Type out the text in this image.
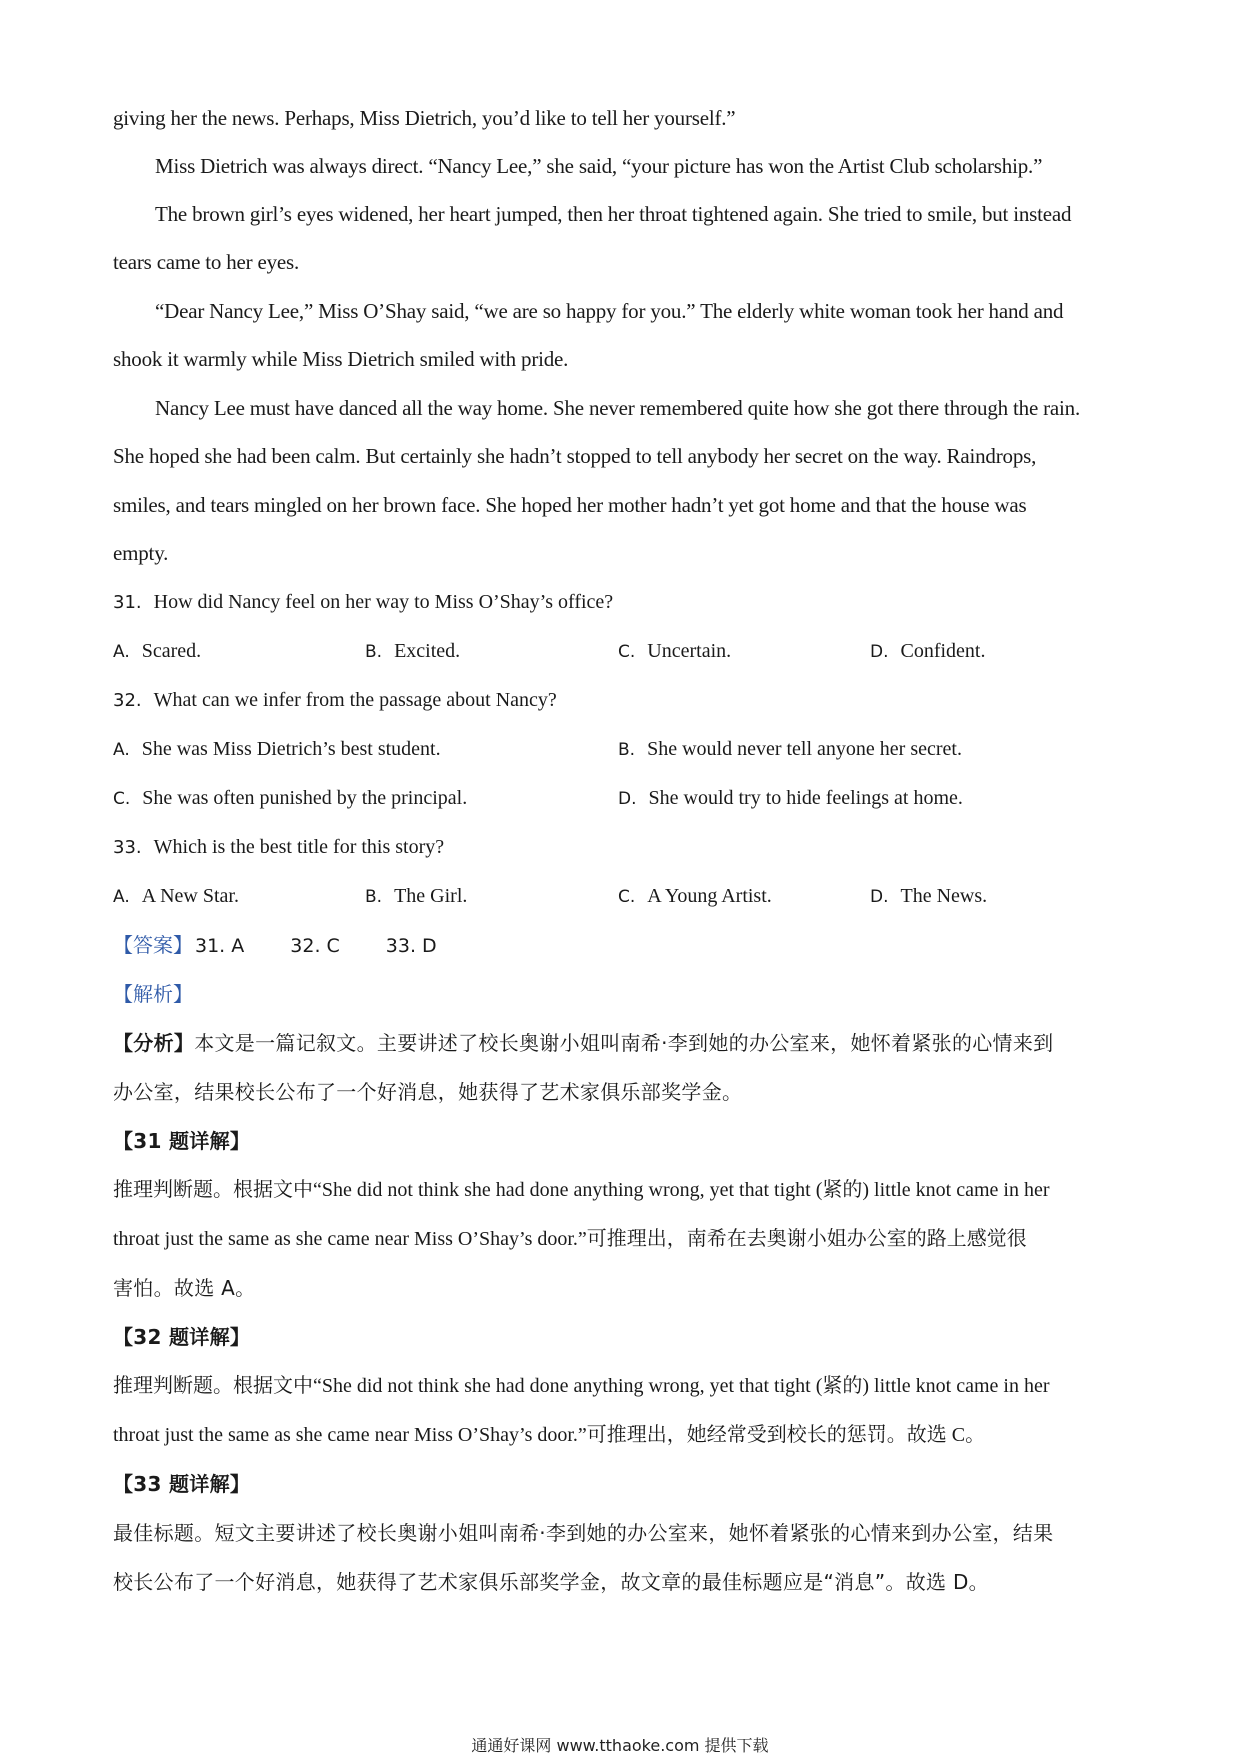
giving her the news. Perhaps, Miss Dietrich, you’d like to tell her yourself.”
Miss Dietrich was always direct. “Nancy Lee,” she said, “your picture has won the Artist Club scholarship.”
The brown girl’s eyes widened, her heart jumped, then her throat tightened again. She tried to smile, but instead
tears came to her eyes.
“Dear Nancy Lee,” Miss O’Shay said, “we are so happy for you.” The elderly white woman took her hand and
shook it warmly while Miss Dietrich smiled with pride.
Nancy Lee must have danced all the way home. She never remembered quite how she got there through the rain.
She hoped she had been calm. But certainly she hadn’t stopped to tell anybody her secret on the way. Raindrops,
smiles, and tears mingled on her brown face. She hoped her mother hadn’t yet got home and that the house was
empty.
31. How did Nancy feel on her way to Miss O’Shay’s office?
A. Scared.	B. Excited.	C. Uncertain.	D. Confident.
32. What can we infer from the passage about Nancy?
A. She was Miss Dietrich’s best student.	B. She would never tell anyone her secret.
C. She was often punished by the principal.	D. She would try to hide feelings at home.
33. Which is the best title for this story?
A. A New Star.	B. The Girl.	C. A Young Artist.	D. The News.
【答案】 31. A 32. C 33. D
【解析】
【分析】本文是一篇记叙文。主要讲述了校长奥谢小姐叫南希·李到她的办公室来，她怀着紧张的心情来到
办公室，结果校长公布了一个好消息，她获得了艺术家俱乐部奖学金。
【31 题详解】
推理判断题。根据文中“She did not think she had done anything wrong, yet that tight (紧的) little knot came in her
throat just the same as she came near Miss O’Shay’s door.”可推理出，南希在去奥谢小姐办公室的路上感觉很
害怕。故选 A。
【32 题详解】
推理判断题。根据文中“She did not think she had done anything wrong, yet that tight (紧的) little knot came in her
throat just the same as she came near Miss O’Shay’s door.”可推理出，她经常受到校长的惩罚。故选 C。
【33 题详解】
最佳标题。短文主要讲述了校长奥谢小姐叫南希·李到她的办公室来，她怀着紧张的心情来到办公室，结果
校长公布了一个好消息，她获得了艺术家俱乐部奖学金，故文章的最佳标题应是“消息”。故选 D。
通通好课网 www.tthaoke.com 提供下载
